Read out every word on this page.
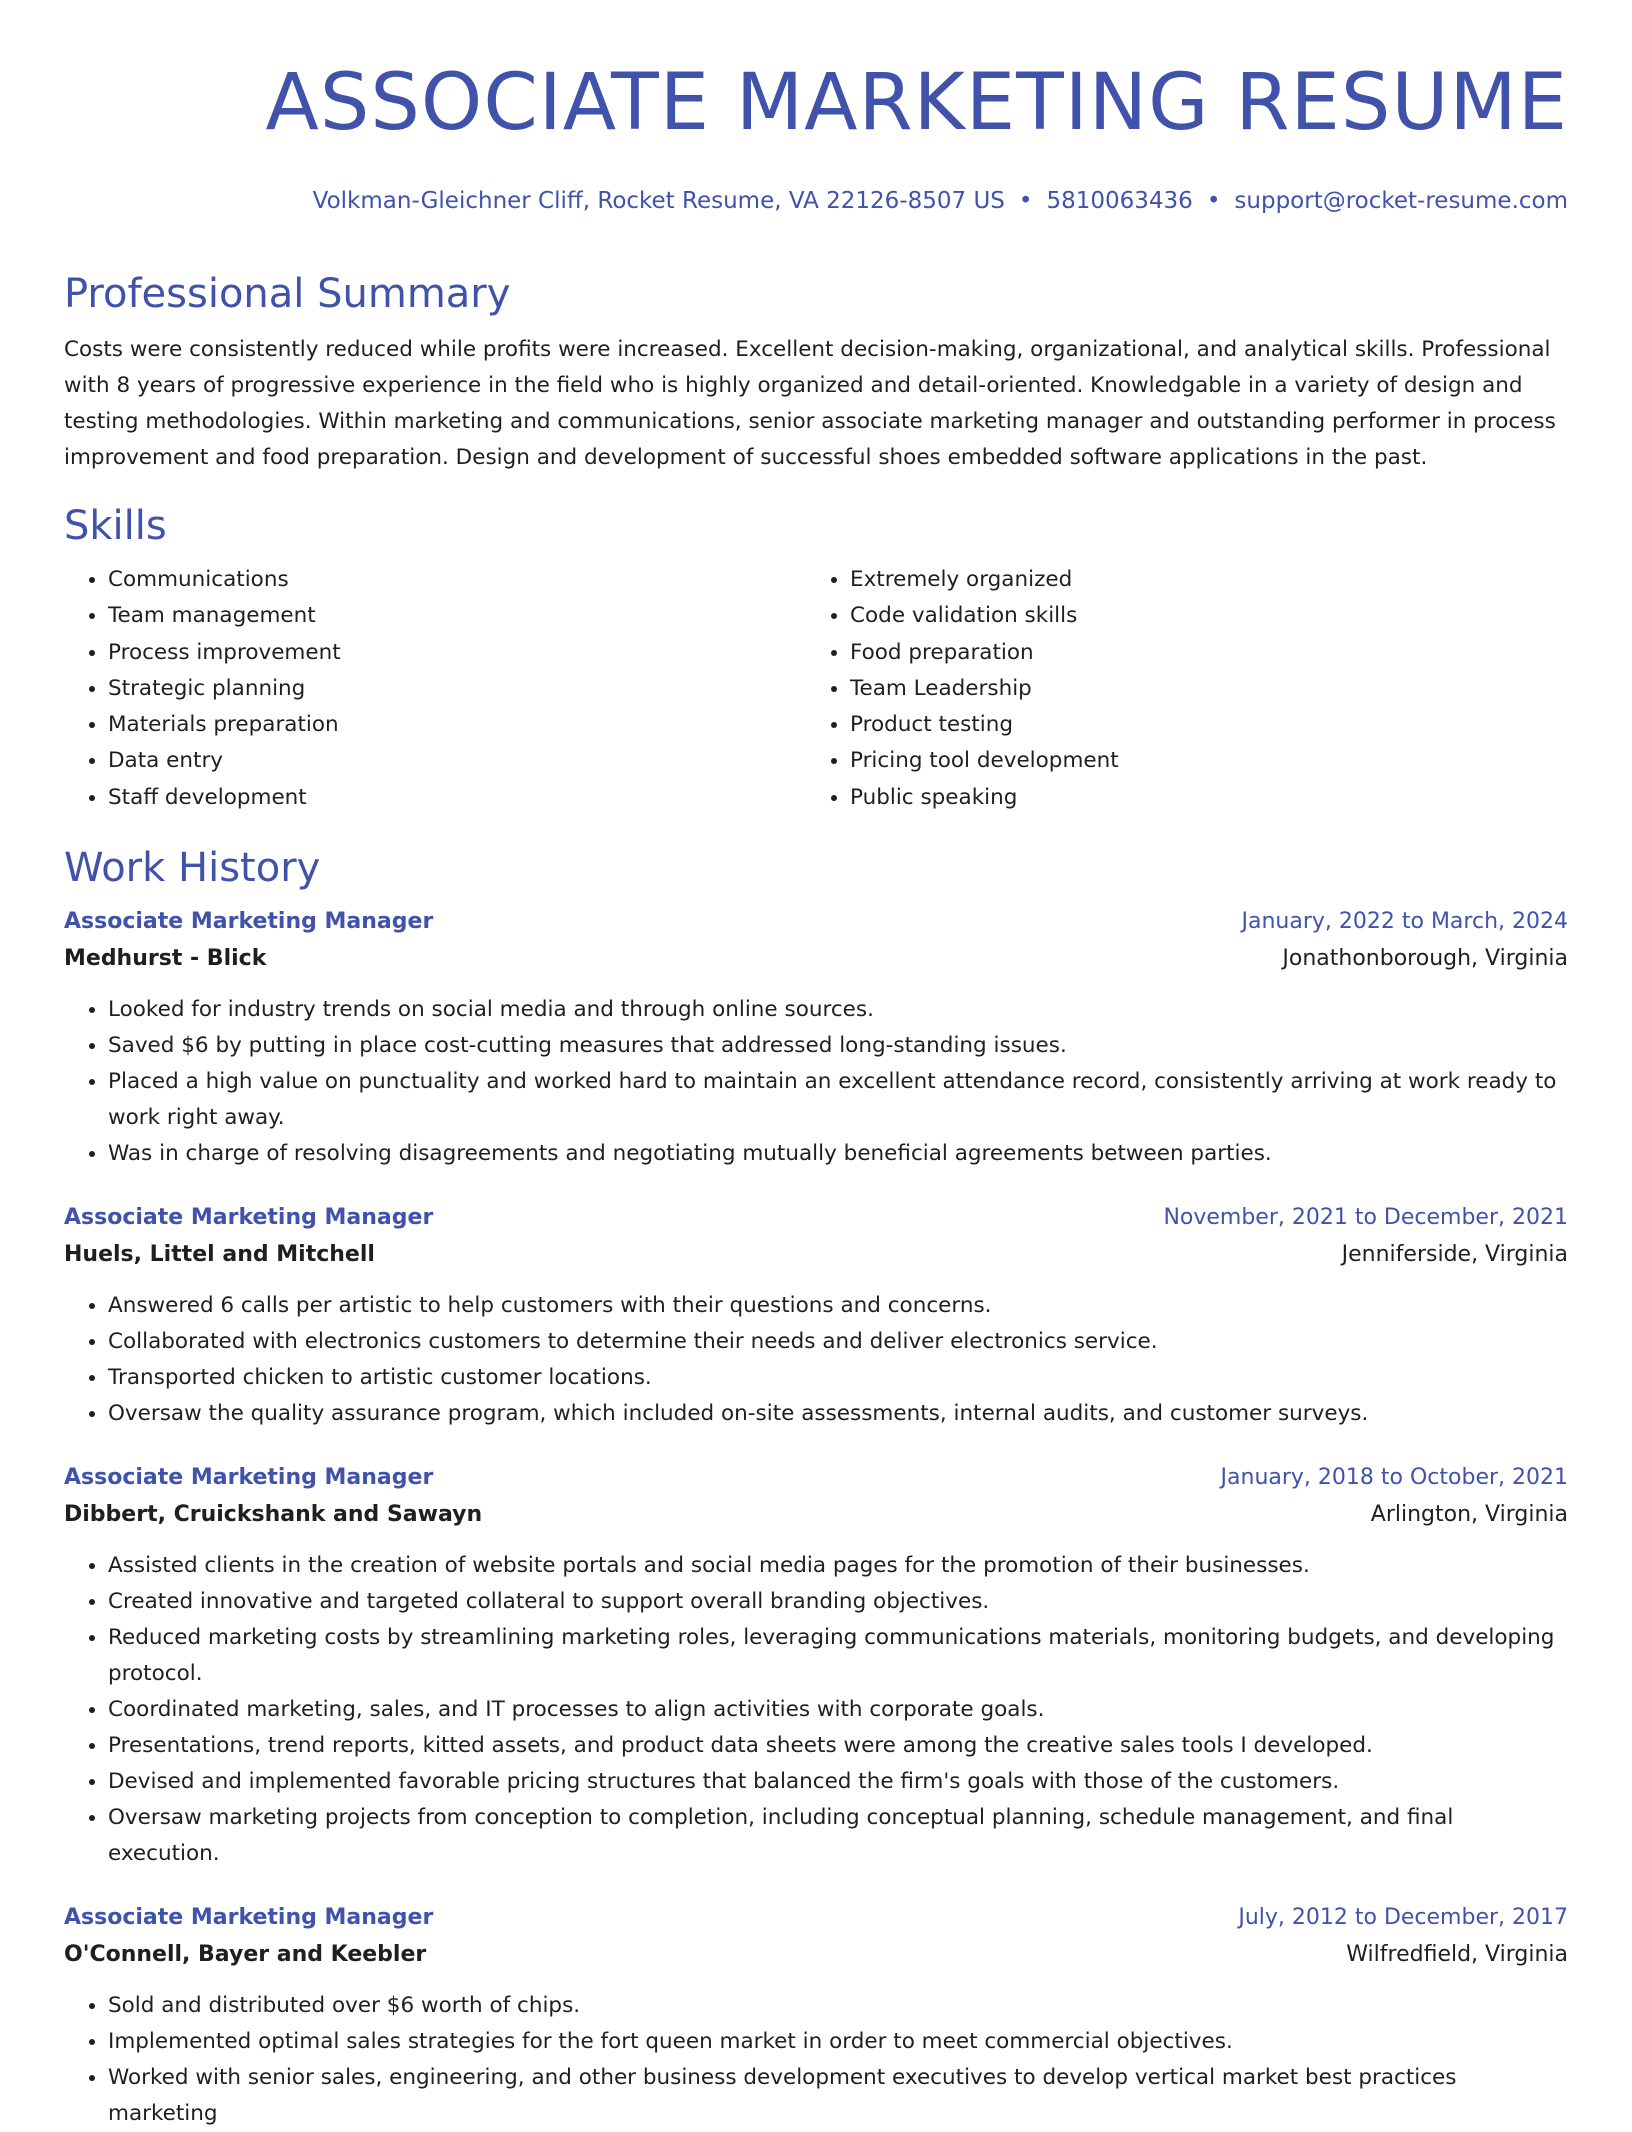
ASSOCIATE MARKETING RESUME
Volkman-Gleichner Cliff, Rocket Resume, VA 22126-8507 US • 5810063436 • support@rocket-resume.com
Professional Summary
Costs were consistently reduced while profits were increased. Excellent decision-making, organizational, and analytical skills. Professional with 8 years of progressive experience in the field who is highly organized and detail-oriented. Knowledgable in a variety of design and testing methodologies. Within marketing and communications, senior associate marketing manager and outstanding performer in process improvement and food preparation. Design and development of successful shoes embedded software applications in the past.
Skills
• Communications
• Team management
• Process improvement
• Strategic planning
• Materials preparation
• Data entry
• Staff development
• Extremely organized
• Code validation skills
• Food preparation
• Team Leadership
• Product testing
• Pricing tool development
• Public speaking
Work History
Associate Marketing Manager	January, 2022 to March, 2024
Medhurst - Blick	Jonathonborough, Virginia
• Looked for industry trends on social media and through online sources.
• Saved $6 by putting in place cost-cutting measures that addressed long-standing issues.
• Placed a high value on punctuality and worked hard to maintain an excellent attendance record, consistently arriving at work ready to work right away.
• Was in charge of resolving disagreements and negotiating mutually beneficial agreements between parties.
Associate Marketing Manager	November, 2021 to December, 2021
Huels, Littel and Mitchell	Jenniferside, Virginia
• Answered 6 calls per artistic to help customers with their questions and concerns.
• Collaborated with electronics customers to determine their needs and deliver electronics service.
• Transported chicken to artistic customer locations.
• Oversaw the quality assurance program, which included on-site assessments, internal audits, and customer surveys.
Associate Marketing Manager	January, 2018 to October, 2021
Dibbert, Cruickshank and Sawayn	Arlington, Virginia
• Assisted clients in the creation of website portals and social media pages for the promotion of their businesses.
• Created innovative and targeted collateral to support overall branding objectives.
• Reduced marketing costs by streamlining marketing roles, leveraging communications materials, monitoring budgets, and developing protocol.
• Coordinated marketing, sales, and IT processes to align activities with corporate goals.
• Presentations, trend reports, kitted assets, and product data sheets were among the creative sales tools I developed.
• Devised and implemented favorable pricing structures that balanced the firm's goals with those of the customers.
• Oversaw marketing projects from conception to completion, including conceptual planning, schedule management, and final execution.
Associate Marketing Manager	July, 2012 to December, 2017
O'Connell, Bayer and Keebler	Wilfredfield, Virginia
• Sold and distributed over $6 worth of chips.
• Implemented optimal sales strategies for the fort queen market in order to meet commercial objectives.
• Worked with senior sales, engineering, and other business development executives to develop vertical market best practices marketing
